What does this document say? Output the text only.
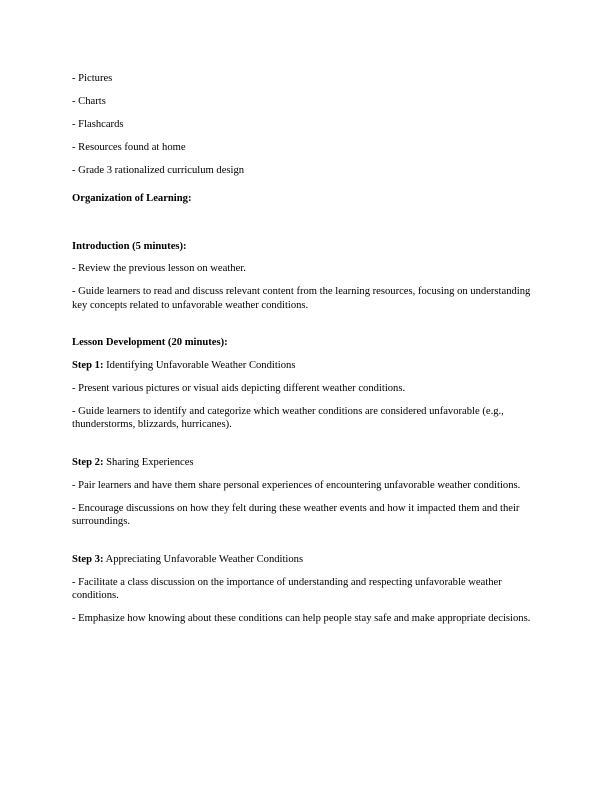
- Pictures

- Charts

- Flashcards

- Resources found at home

- Grade 3 rationalized curriculum design

Organization of Learning:

Introduction (5 minutes):

- Review the previous lesson on weather.

- Guide learners to read and discuss relevant content from the learning resources, focusing on understanding key concepts related to unfavorable weather conditions.

Lesson Development (20 minutes):

Step 1: Identifying Unfavorable Weather Conditions

- Present various pictures or visual aids depicting different weather conditions.

- Guide learners to identify and categorize which weather conditions are considered unfavorable (e.g., thunderstorms, blizzards, hurricanes).

Step 2: Sharing Experiences

- Pair learners and have them share personal experiences of encountering unfavorable weather conditions.

- Encourage discussions on how they felt during these weather events and how it impacted them and their surroundings.

Step 3: Appreciating Unfavorable Weather Conditions

- Facilitate a class discussion on the importance of understanding and respecting unfavorable weather conditions.

- Emphasize how knowing about these conditions can help people stay safe and make appropriate decisions.
